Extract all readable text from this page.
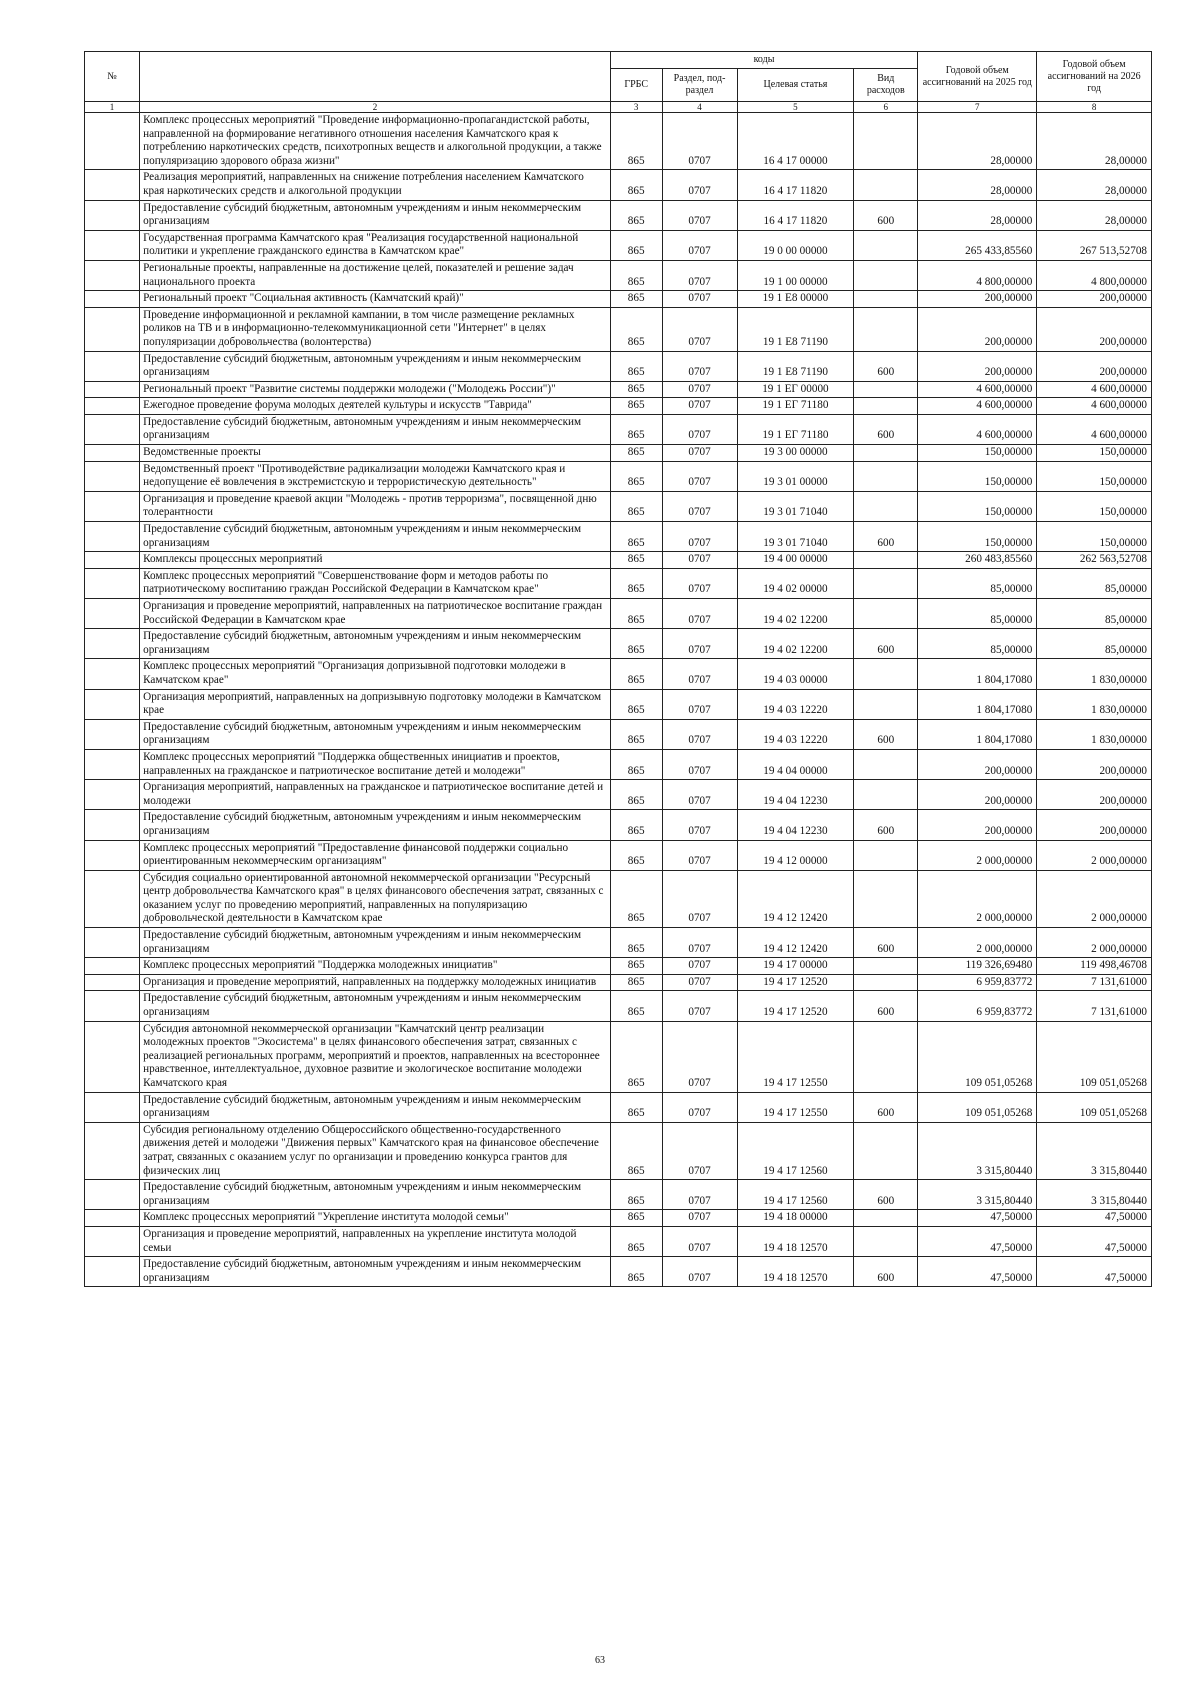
№		коды				Годовой объем ассигнований на 2025 год	Годовой объем ассигнований на 2026 год
		ГРБС	Раздел, под-раздел	Целевая статья	Вид расходов		
1	2	3	4	5	6	7	8
	Комплекс процессных мероприятий "Проведение информационно-пропагандистской работы, направленной на формирование негативного отношения населения Камчатского края к потреблению наркотических средств, психотропных веществ и алкогольной продукции, а также популяризацию здорового образа жизни"	865	0707	16 4 17 00000		28,00000	28,00000
	Реализация мероприятий, направленных на снижение потребления населением Камчатского края наркотических средств и алкогольной продукции	865	0707	16 4 17 11820		28,00000	28,00000
	Предоставление субсидий бюджетным, автономным учреждениям и иным некоммерческим организациям	865	0707	16 4 17 11820	600	28,00000	28,00000
	Государственная программа Камчатского края "Реализация государственной национальной политики и укрепление гражданского единства в Камчатском крае"	865	0707	19 0 00 00000		265 433,85560	267 513,52708
	Региональные проекты, направленные на достижение целей, показателей и решение задач национального проекта	865	0707	19 1 00 00000		4 800,00000	4 800,00000
	Региональный проект "Социальная активность (Камчатский край)"	865	0707	19 1 Е8 00000		200,00000	200,00000
	Проведение информационной и рекламной кампании, в том числе размещение рекламных роликов на ТВ и в информационно-телекоммуникационной сети "Интернет" в целях популяризации добровольчества (волонтерства)	865	0707	19 1 Е8 71190		200,00000	200,00000
	Предоставление субсидий бюджетным, автономным учреждениям и иным некоммерческим организациям	865	0707	19 1 Е8 71190	600	200,00000	200,00000
	Региональный проект "Развитие системы поддержки молодежи ("Молодежь России")"	865	0707	19 1 ЕГ 00000		4 600,00000	4 600,00000
	Ежегодное проведение форума молодых деятелей культуры и искусств "Таврида"	865	0707	19 1 ЕГ 71180		4 600,00000	4 600,00000
	Предоставление субсидий бюджетным, автономным учреждениям и иным некоммерческим организациям	865	0707	19 1 ЕГ 71180	600	4 600,00000	4 600,00000
	Ведомственные проекты	865	0707	19 3 00 00000		150,00000	150,00000
	Ведомственный проект "Противодействие радикализации молодежи Камчатского края и недопущение её вовлечения в экстремистскую и террористическую деятельность"	865	0707	19 3 01 00000		150,00000	150,00000
	Организация и проведение краевой акции "Молодежь - против терроризма", посвященной дню толерантности	865	0707	19 3 01 71040		150,00000	150,00000
	Предоставление субсидий бюджетным, автономным учреждениям и иным некоммерческим организациям	865	0707	19 3 01 71040	600	150,00000	150,00000
	Комплексы процессных мероприятий	865	0707	19 4 00 00000		260 483,85560	262 563,52708
	Комплекс процессных мероприятий "Совершенствование форм и методов работы по патриотическому воспитанию граждан Российской Федерации в Камчатском крае"	865	0707	19 4 02 00000		85,00000	85,00000
	Организация и проведение мероприятий, направленных на патриотическое воспитание граждан Российской Федерации в Камчатском крае	865	0707	19 4 02 12200		85,00000	85,00000
	Предоставление субсидий бюджетным, автономным учреждениям и иным некоммерческим организациям	865	0707	19 4 02 12200	600	85,00000	85,00000
	Комплекс процессных мероприятий "Организация допризывной подготовки молодежи в Камчатском крае"	865	0707	19 4 03 00000		1 804,17080	1 830,00000
	Организация мероприятий, направленных на допризывную подготовку молодежи в Камчатском крае	865	0707	19 4 03 12220		1 804,17080	1 830,00000
	Предоставление субсидий бюджетным, автономным учреждениям и иным некоммерческим организациям	865	0707	19 4 03 12220	600	1 804,17080	1 830,00000
	Комплекс процессных мероприятий "Поддержка общественных инициатив и проектов, направленных на гражданское и патриотическое воспитание детей и молодежи"	865	0707	19 4 04 00000		200,00000	200,00000
	Организация мероприятий, направленных на гражданское и патриотическое воспитание детей и молодежи	865	0707	19 4 04 12230		200,00000	200,00000
	Предоставление субсидий бюджетным, автономным учреждениям и иным некоммерческим организациям	865	0707	19 4 04 12230	600	200,00000	200,00000
	Комплекс процессных мероприятий "Предоставление финансовой поддержки социально ориентированным некоммерческим организациям"	865	0707	19 4 12 00000		2 000,00000	2 000,00000
	Субсидия социально ориентированной автономной некоммерческой организации "Ресурсный центр добровольчества Камчатского края" в целях финансового обеспечения затрат, связанных с оказанием услуг по проведению мероприятий, направленных на популяризацию добровольческой деятельности в Камчатском крае	865	0707	19 4 12 12420		2 000,00000	2 000,00000
	Предоставление субсидий бюджетным, автономным учреждениям и иным некоммерческим организациям	865	0707	19 4 12 12420	600	2 000,00000	2 000,00000
	Комплекс процессных мероприятий "Поддержка молодежных инициатив"	865	0707	19 4 17 00000		119 326,69480	119 498,46708
	Организация и проведение мероприятий, направленных на поддержку молодежных инициатив	865	0707	19 4 17 12520		6 959,83772	7 131,61000
	Предоставление субсидий бюджетным, автономным учреждениям и иным некоммерческим организациям	865	0707	19 4 17 12520	600	6 959,83772	7 131,61000
	Субсидия автономной некоммерческой организации "Камчатский центр реализации молодежных проектов "Экосистема" в целях финансового обеспечения затрат, связанных с реализацией региональных программ, мероприятий и проектов, направленных на всестороннее нравственное, интеллектуальное, духовное развитие и экологическое воспитание молодежи Камчатского края	865	0707	19 4 17 12550		109 051,05268	109 051,05268
	Предоставление субсидий бюджетным, автономным учреждениям и иным некоммерческим организациям	865	0707	19 4 17 12550	600	109 051,05268	109 051,05268
	Субсидия региональному отделению Общероссийского общественно-государственного движения детей и молодежи "Движения первых" Камчатского края на финансовое обеспечение затрат, связанных с оказанием услуг по организации и проведению конкурса грантов для физических лиц	865	0707	19 4 17 12560		3 315,80440	3 315,80440
	Предоставление субсидий бюджетным, автономным учреждениям и иным некоммерческим организациям	865	0707	19 4 17 12560	600	3 315,80440	3 315,80440
	Комплекс процессных мероприятий "Укрепление института молодой семьи"	865	0707	19 4 18 00000		47,50000	47,50000
	Организация и проведение мероприятий, направленных на укрепление института молодой семьи	865	0707	19 4 18 12570		47,50000	47,50000
	Предоставление субсидий бюджетным, автономным учреждениям и иным некоммерческим организациям	865	0707	19 4 18 12570	600	47,50000	47,50000
63
